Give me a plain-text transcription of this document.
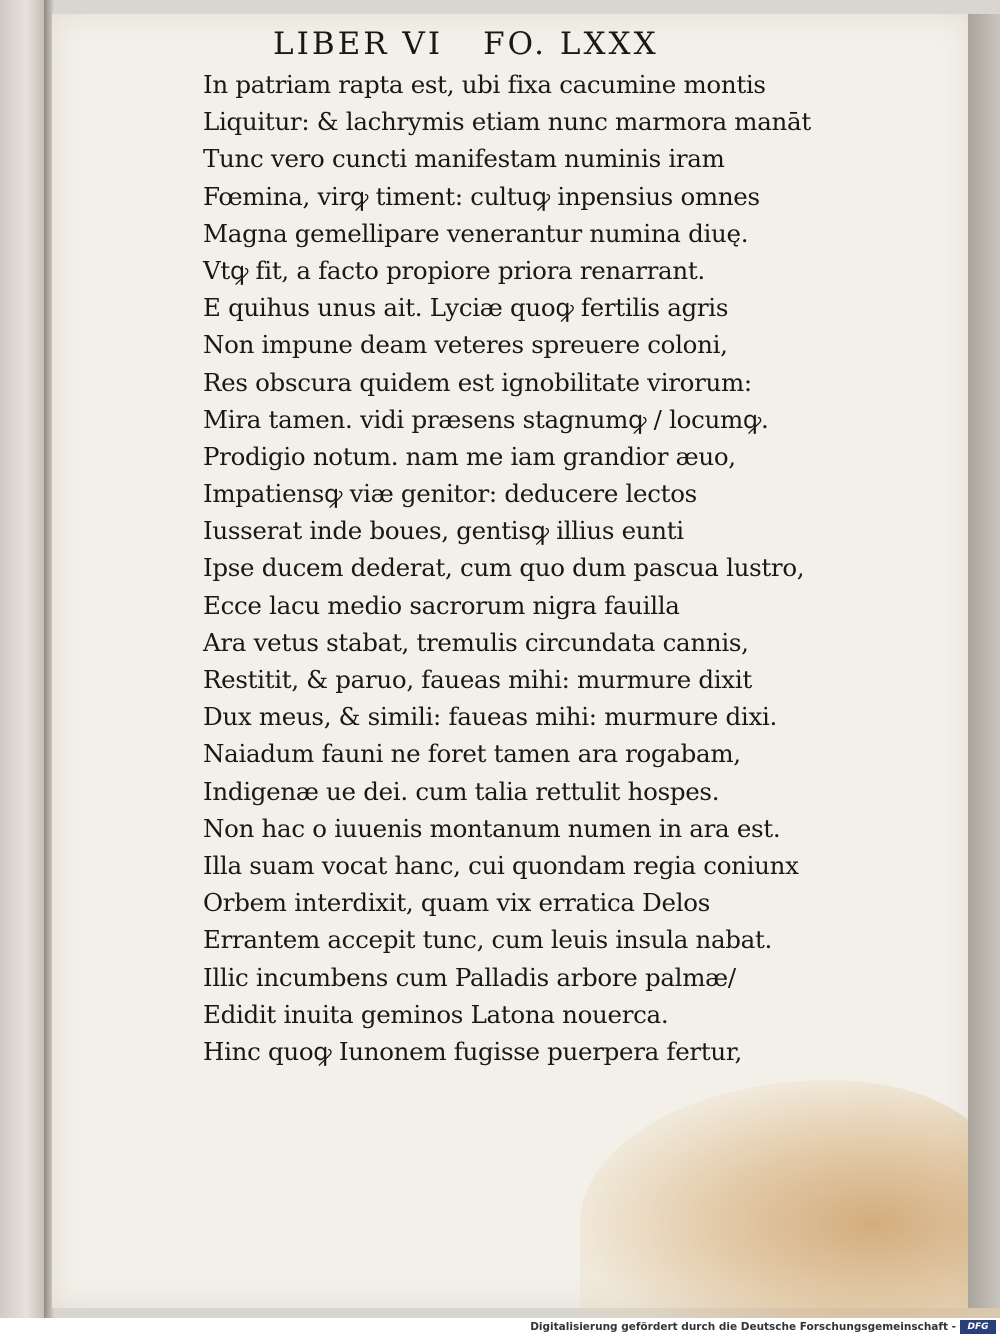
LIBER VI FO. LXXX
In patriam rapta est, ubi fixa cacumine montis
Liquitur: & lachrymis etiam nunc marmora manāt
Tunc vero cuncti manifestam numinis iram
Fœmina, virꝙ timent: cultuꝙ inpensius omnes
Magna gemellipare venerantur numina diuę.
Vtꝙ fit, a facto propiore priora renarrant.
E quihus unus ait. Lyciæ quoꝙ fertilis agris
Non impune deam veteres spreuere coloni,
Res obscura quidem est ignobilitate virorum:
Mira tamen. vidi præsens stagnumꝙ / locumꝙ.
Prodigio notum. nam me iam grandior æuo,
Impatiensꝙ viæ genitor: deducere lectos
Iusserat inde boues, gentisꝙ illius eunti
Ipse ducem dederat, cum quo dum pascua lustro,
Ecce lacu medio sacrorum nigra fauilla
Ara vetus stabat, tremulis circundata cannis,
Restitit, & paruo, faueas mihi: murmure dixit
Dux meus, & simili: faueas mihi: murmure dixi.
Naiadum fauni ne foret tamen ara rogabam,
Indigenæ ue dei. cum talia rettulit hospes.
Non hac o iuuenis montanum numen in ara est.
Illa suam vocat hanc, cui quondam regia coniunx
Orbem interdixit, quam vix erratica Delos
Errantem accepit tunc, cum leuis insula nabat.
Illic incumbens cum Palladis arbore palmæ/
Edidit inuita geminos Latona nouerca.
Hinc quoꝙ Iunonem fugisse puerpera fertur,
Digitalisierung gefördert durch die Deutsche Forschungsgemeinschaft -	DFG
